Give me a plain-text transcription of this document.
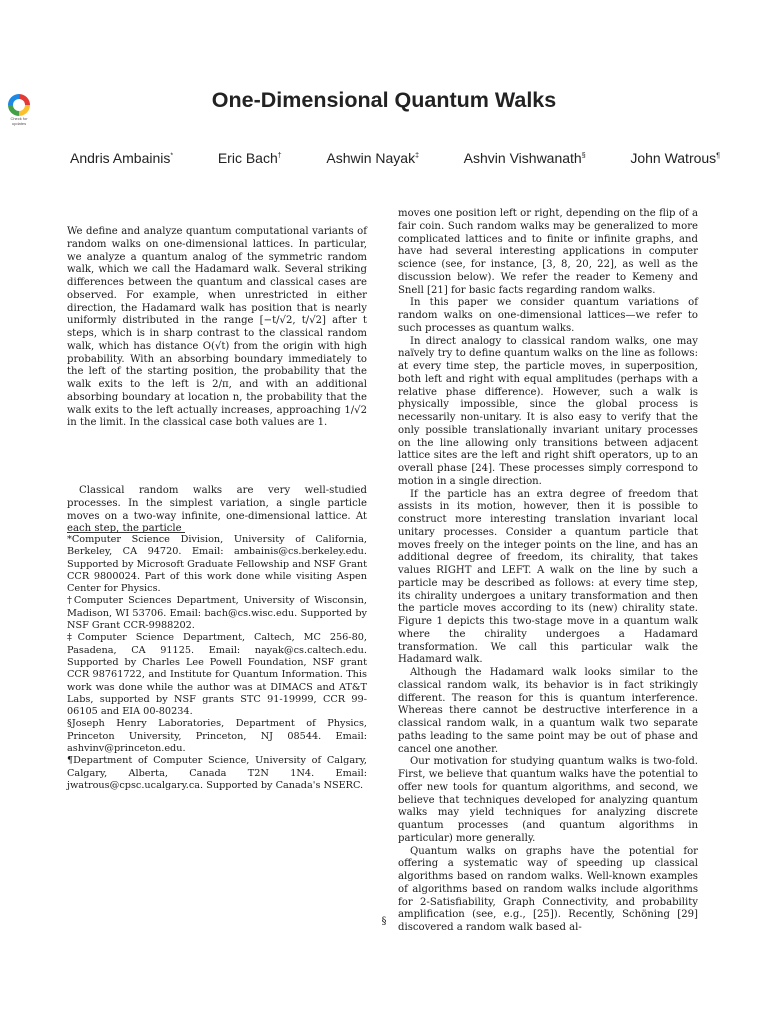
Check for updates
One-Dimensional Quantum Walks
Andris Ambainis*	Eric Bach†	Ashwin Nayak‡	Ashvin Vishwanath§	John Watrous¶

We define and analyze quantum computational variants of random walks on one-dimensional lattices. In particular, we analyze a quantum analog of the symmetric random walk, which we call the Hadamard walk. Several striking differences between the quantum and classical cases are observed. For example, when unrestricted in either direction, the Hadamard walk has position that is nearly uniformly distributed in the range [−t/√2, t/√2] after t steps, which is in sharp contrast to the classical random walk, which has distance O(√t) from the origin with high probability. With an absorbing boundary immediately to the left of the starting position, the probability that the walk exits to the left is 2/π, and with an additional absorbing boundary at location n, the probability that the walk exits to the left actually increases, approaching 1/√2 in the limit. In the classical case both values are 1.

Classical random walks are very well-studied processes. In the simplest variation, a single particle moves on a two-way infinite, one-dimensional lattice. At each step, the particle

*Computer Science Division, University of California, Berkeley, CA 94720. Email: ambainis@cs.berkeley.edu. Supported by Microsoft Graduate Fellowship and NSF Grant CCR 9800024. Part of this work done while visiting Aspen Center for Physics.

†Computer Sciences Department, University of Wisconsin, Madison, WI 53706. Email: bach@cs.wisc.edu. Supported by NSF Grant CCR-9988202.

‡Computer Science Department, Caltech, MC 256-80, Pasadena, CA 91125. Email: nayak@cs.caltech.edu. Supported by Charles Lee Powell Foundation, NSF grant CCR 98761722, and Institute for Quantum Information. This work was done while the author was at DIMACS and AT&T Labs, supported by NSF grants STC 91-19999, CCR 99-06105 and EIA 00-80234.

§Joseph Henry Laboratories, Department of Physics, Princeton University, Princeton, NJ 08544. Email: ashvinv@princeton.edu.

¶Department of Computer Science, University of Calgary, Calgary, Alberta, Canada T2N 1N4. Email: jwatrous@cpsc.ucalgary.ca. Supported by Canada's NSERC.

moves one position left or right, depending on the flip of a fair coin. Such random walks may be generalized to more complicated lattices and to finite or infinite graphs, and have had several interesting applications in computer science (see, for instance, [3, 8, 20, 22], as well as the discussion below). We refer the reader to Kemeny and Snell [21] for basic facts regarding random walks.

In this paper we consider quantum variations of random walks on one-dimensional lattices—we refer to such processes as quantum walks.

In direct analogy to classical random walks, one may naïvely try to define quantum walks on the line as follows: at every time step, the particle moves, in superposition, both left and right with equal amplitudes (perhaps with a relative phase difference). However, such a walk is physically impossible, since the global process is necessarily non-unitary. It is also easy to verify that the only possible translationally invariant unitary processes on the line allowing only transitions between adjacent lattice sites are the left and right shift operators, up to an overall phase [24]. These processes simply correspond to motion in a single direction.

If the particle has an extra degree of freedom that assists in its motion, however, then it is possible to construct more interesting translation invariant local unitary processes. Consider a quantum particle that moves freely on the integer points on the line, and has an additional degree of freedom, its chirality, that takes values RIGHT and LEFT. A walk on the line by such a particle may be described as follows: at every time step, its chirality undergoes a unitary transformation and then the particle moves according to its (new) chirality state. Figure 1 depicts this two-stage move in a quantum walk where the chirality undergoes a Hadamard transformation. We call this particular walk the Hadamard walk.

Although the Hadamard walk looks similar to the classical random walk, its behavior is in fact strikingly different. The reason for this is quantum interference. Whereas there cannot be destructive interference in a classical random walk, in a quantum walk two separate paths leading to the same point may be out of phase and cancel one another.

Our motivation for studying quantum walks is two-fold. First, we believe that quantum walks have the potential to offer new tools for quantum algorithms, and second, we believe that techniques developed for analyzing quantum walks may yield techniques for analyzing discrete quantum processes (and quantum algorithms in particular) more generally.

Quantum walks on graphs have the potential for offering a systematic way of speeding up classical algorithms based on random walks. Well-known examples of algorithms based on random walks include algorithms for 2-Satisfiability, Graph Connectivity, and probability amplification (see, e.g., [25]). Recently, Schöning [29] discovered a random walk based al-

§
